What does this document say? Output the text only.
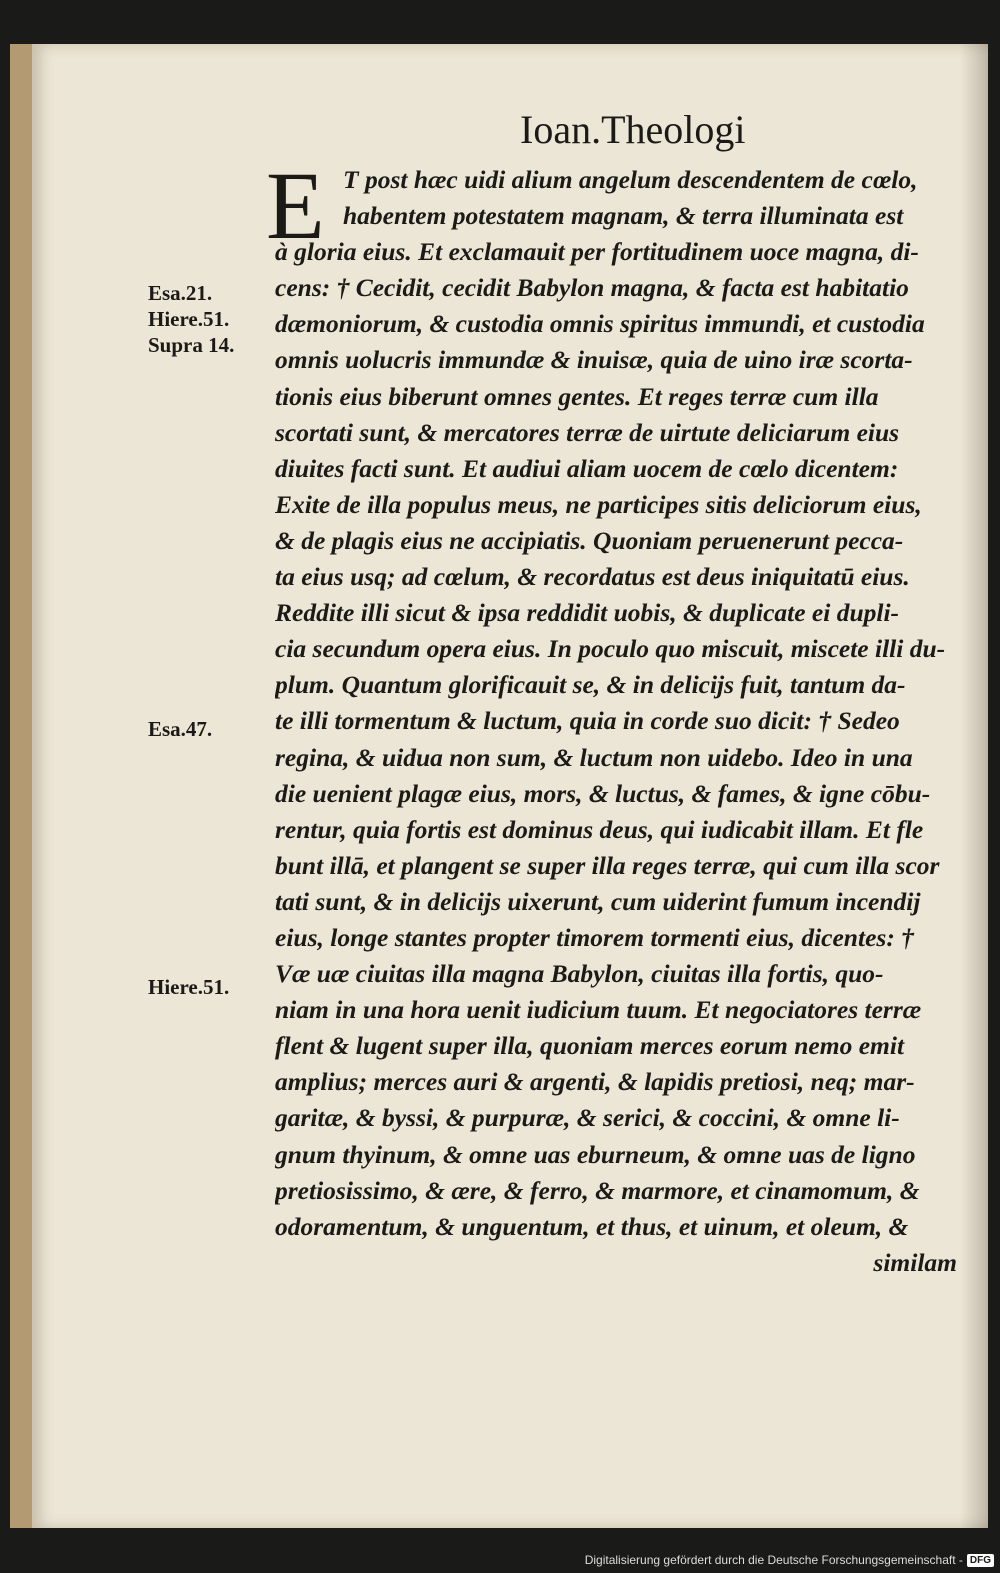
Ioan.Theologi
E
Esa.21.
Hiere.51.
Supra 14.
Esa.47.
Hiere.51.
T post hæc uidi alium angelum descendentem de cœlo,
habentem potestatem magnam, & terra illuminata est
à gloria eius. Et exclamauit per fortitudinem uoce magna, di-
cens: † Cecidit, cecidit Babylon magna, & facta est habitatio
dæmoniorum, & custodia omnis spiritus immundi, et custodia
omnis uolucris immundæ & inuisæ, quia de uino iræ scorta-
tionis eius biberunt omnes gentes. Et reges terræ cum illa
scortati sunt, & mercatores terræ de uirtute deliciarum eius
diuites facti sunt. Et audiui aliam uocem de cœlo dicentem:
Exite de illa populus meus, ne participes sitis deliciorum eius,
& de plagis eius ne accipiatis. Quoniam peruenerunt pecca-
ta eius usq; ad cœlum, & recordatus est deus iniquitatū eius.
Reddite illi sicut & ipsa reddidit uobis, & duplicate ei dupli-
cia secundum opera eius. In poculo quo miscuit, miscete illi du-
plum. Quantum glorificauit se, & in delicijs fuit, tantum da-
te illi tormentum & luctum, quia in corde suo dicit: † Sedeo
regina, & uidua non sum, & luctum non uidebo. Ideo in una
die uenient plagæ eius, mors, & luctus, & fames, & igne cōbu-
rentur, quia fortis est dominus deus, qui iudicabit illam. Et fle
bunt illā, et plangent se super illa reges terræ, qui cum illa scor
tati sunt, & in delicijs uixerunt, cum uiderint fumum incendij
eius, longe stantes propter timorem tormenti eius, dicentes: †
Væ uæ ciuitas illa magna Babylon, ciuitas illa fortis, quo-
niam in una hora uenit iudicium tuum. Et negociatores terræ
flent & lugent super illa, quoniam merces eorum nemo emit
amplius; merces auri & argenti, & lapidis pretiosi, neq; mar-
garitæ, & byssi, & purpuræ, & serici, & coccini, & omne li-
gnum thyinum, & omne uas eburneum, & omne uas de ligno
pretiosissimo, & ære, & ferro, & marmore, et cinamomum, &
odoramentum, & unguentum, et thus, et uinum, et oleum, &
similam
Digitalisierung gefördert durch die Deutsche Forschungsgemeinschaft - DFG
